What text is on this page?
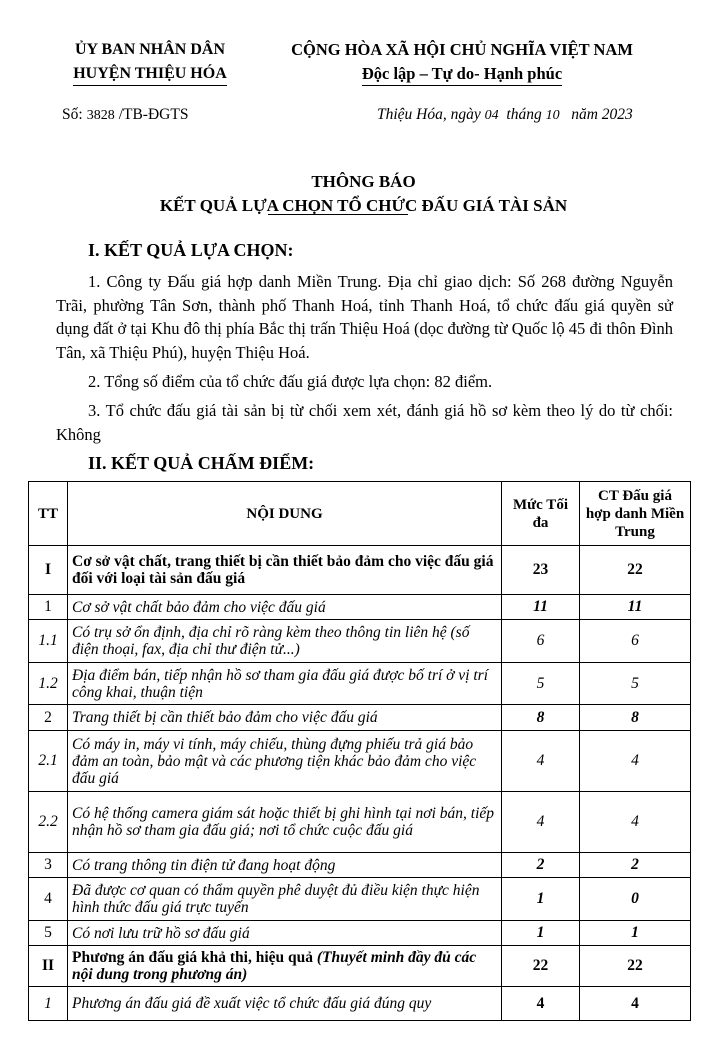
ỦY BAN NHÂN DÂN
HUYỆN THIỆU HÓA
CỘNG HÒA XÃ HỘI CHỦ NGHĨA VIỆT NAM
Độc lập – Tự do- Hạnh phúc
Số: 3828 /TB-ĐGTS	Thiệu Hóa, ngày 04 tháng 10 năm 2023
THÔNG BÁO
KẾT QUẢ LỰA CHỌN TỔ CHỨC ĐẤU GIÁ TÀI SẢN
I. KẾT QUẢ LỰA CHỌN:
1. Công ty Đấu giá hợp danh Miền Trung. Địa chỉ giao dịch: Số 268 đường Nguyễn Trãi, phường Tân Sơn, thành phố Thanh Hoá, tỉnh Thanh Hoá, tổ chức đấu giá quyền sử dụng đất ở tại Khu đô thị phía Bắc thị trấn Thiệu Hoá (dọc đường từ Quốc lộ 45 đi thôn Đình Tân, xã Thiệu Phú), huyện Thiệu Hoá.
2. Tổng số điểm của tổ chức đấu giá được lựa chọn: 82 điểm.
3. Tổ chức đấu giá tài sản bị từ chối xem xét, đánh giá hồ sơ kèm theo lý do từ chối: Không
II. KẾT QUẢ CHẤM ĐIỂM:
TT	NỘI DUNG	Mức Tối đa	CT Đấu giá hợp danh Miền Trung
I	Cơ sở vật chất, trang thiết bị cần thiết bảo đảm cho việc đấu giá đối với loại tài sản đấu giá	23	22
1	Cơ sở vật chất bảo đảm cho việc đấu giá	11	11
1.1	Có trụ sở ổn định, địa chỉ rõ ràng kèm theo thông tin liên hệ (số điện thoại, fax, địa chỉ thư điện tử...)	6	6
1.2	Địa điểm bán, tiếp nhận hồ sơ tham gia đấu giá được bố trí ở vị trí công khai, thuận tiện	5	5
2	Trang thiết bị cần thiết bảo đảm cho việc đấu giá	8	8
2.1	Có máy in, máy vi tính, máy chiếu, thùng đựng phiếu trả giá bảo đảm an toàn, bảo mật và các phương tiện khác bảo đảm cho việc đấu giá	4	4
2.2	Có hệ thống camera giám sát hoặc thiết bị ghi hình tại nơi bán, tiếp nhận hồ sơ tham gia đấu giá; nơi tổ chức cuộc đấu giá	4	4
3	Có trang thông tin điện tử đang hoạt động	2	2
4	Đã được cơ quan có thẩm quyền phê duyệt đủ điều kiện thực hiện hình thức đấu giá trực tuyến	1	0
5	Có nơi lưu trữ hồ sơ đấu giá	1	1
II	Phương án đấu giá khả thi, hiệu quả (Thuyết minh đầy đủ các nội dung trong phương án)	22	22
1	Phương án đấu giá đề xuất việc tổ chức đấu giá đúng quy	4	4
